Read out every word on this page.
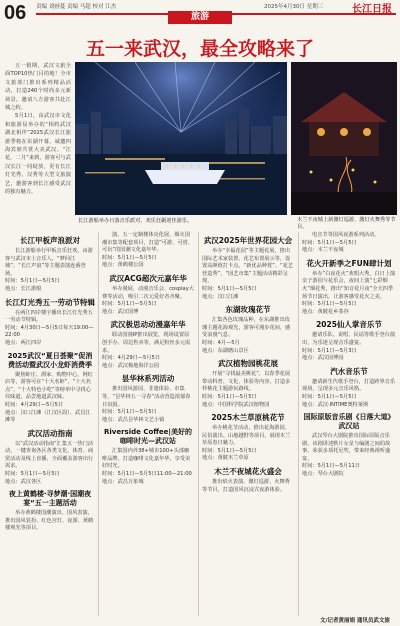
06 责编 刘画蔓 责编 马超 校对 江杰
旅游
2025年4月30日 星期三	长江日报
五一来武汉，最全攻略来了

五一假期，武汉文旅全面TOP10热门目的地！全市文旅部门推出系列精品活动，打造240个时尚多元新场景，邀请八方游客共赴江城之约。

5月1日，由武汉市文化和旅游局举办的“相约武汉 湖北相伴”2025武汉长江旅游季将在东湖开幕，诚邀四海宾朋共赏大美武汉。“江花、二月”来到，游客可与武汉长江一同绽放，更有长江灯光秀、汉秀等大型文旅演艺，邀游客到长江感受武汉的独有魅力。

长江游船举办日落音乐派对，欢乐狂飙迎佳游乐。	木兰不夜城上新激灯巡游，激灯火舞秀等节目。
长江甲板声浪派对

长江游船举行甲板音乐狂欢，由游客与武汉本土音乐人，“梦回江城”、“长江声浪”等主题表演连番登场。

时间：5月1日—5月5日

地点：长江游船

长江灯光秀五一劳动节特辑

在两江四岸楼宇播出长江灯光秀五一劳动节特辑。

时间：4月30日—5月5日每天19:00—22:00

地点：两江四岸

2025武汉“夏日荟聚”促消费活动暨武汉小龙虾消费季

聚焦虾庄、酒家、购物中心、网红店等，游客可在“十大名虾”、“十大名点”、“十大特色小吃”等榜单中寻找心仪味道，品尝地道武汉味。

时间：4月29日—5月5日

地点：汉口江滩（江汉区段）、武昌江滩等

武汉活动指南

以“武汉活动指南”汇集五一热门活动，一键查询各区各类文化、体育、商贸活动及线上直播，全面覆盖游客出行需求。

时间：5月1日—5月5日

地点：武汉各区

夜上黄鹤楼·寻梦潮·国潮夜宴“五一主题活动

举办黄鹤楼国潮演出、国风表演，推出国风装扮、红色宫灯、夜游、黄鹤楼观光等项目。

演，五一定制楼体亮化展、烟火国潮市集等配套项目，打造“可游、可赏、可玩”的国潮文化嘉年华。

时间：5月1日—5月5日

地点：黄鹤楼公园

武汉ACG超次元嘉年华

举办漫展、动漫音乐会、cosplay大赛等活动，吸引二次元爱好者齐聚。

时间：5月1日—5月5日

地点：武汉国博

武汉极思动动漫嘉年华

联动国漫IP推出展览，现场设置原创手办、周边售卖等，满足粉丝多元需求。

时间：4月29日—5月5日

地点：武汉极地海洋公园

昙华林系列活动

推出国风游园、非遗体验、市集等，“昙华林五一寻春”活动营造浓郁春日氛围。

时间：5月1日—5月5日

地点：武昌昙华林文艺小镇

Riverside Coffee|美好的咖啡时光—武汉站

汇集国内外38+城市100+头部咖啡品牌，打造咖啡文化嘉年华，享受美好时光。

时间：5月1日—5月5日11:00—21:00

地点：武昌万象城

武汉2025年世界花园大会

举办“幸福花园”等主题花展，推出国际艺术家装置、花艺布置展示等，设置高颜值打卡点。“新优品种赏”、“花艺营造秀”、“园艺市集”主题活动精彩呈现。

时间：5月1日—5月5日

地点：汉口江滩

东湖玫瑰花节

汇集各色玫瑰品种，在东湖推出玫瑰主题花海观光，游客可漫步花间，感受浪漫气息。

时间：4月—5月

地点：东湖磨山景区

武汉植物园桃花展

开展“寻找最美桃花”，以春季花展带动科普、文化、体验等内容，打造多样桃花主题游玩路线。

时间：5月1日—5月5日

地点：中国科学院武汉植物园

2025木兰草原桃花节

举办桃花节活动，推出花海游园、民俗演出、山地越野等项目，展现木兰草原春日魅力。

时间：5月1日—5月5日

地点：黄陂木兰草原

木兰不夜城花火盛会

推出焰火表演、激灯巡游、火舞秀等节目，打造国风沉浸式夜游体验。

电音节等国风夜游系列活动。

时间：5月1日—5月5日

地点：木兰不夜城

花火开新季之FUN肆计划

举办“白夜花火”欢唱大秀，白日上演亲子游园与花乐会，夜间上演“七彩烟火”烟花秀，推出“知音花月夜”全天四季场节日演出，让游客感受花火之美。

时间：5月1日—5月5日

地点：黄陂花乡茶谷

2025仙人掌音乐节

邀请乐队、说唱、民谣等歌手登台演出，为乐迷呈现音乐盛宴。

时间：5月1日—5月3日

地点：武汉园博园

汽水音乐节

邀请新生代歌手登台，打造跨界音乐现场，呈现多元音乐风格。

时间：5月1日—5月5日

地点：武汉·INTIME奥特莱斯

国际原版音乐剧《日落大道》武汉站

武汉琴台大剧院推出国际原版音乐剧，该剧讲述默片女星与编剧之间的故事，荣获多项托尼奖，带来经典视听盛宴。

时间：5月1日—5月11日

地点：琴台大剧院

文/记者黄丽娟 通讯员武文旅
